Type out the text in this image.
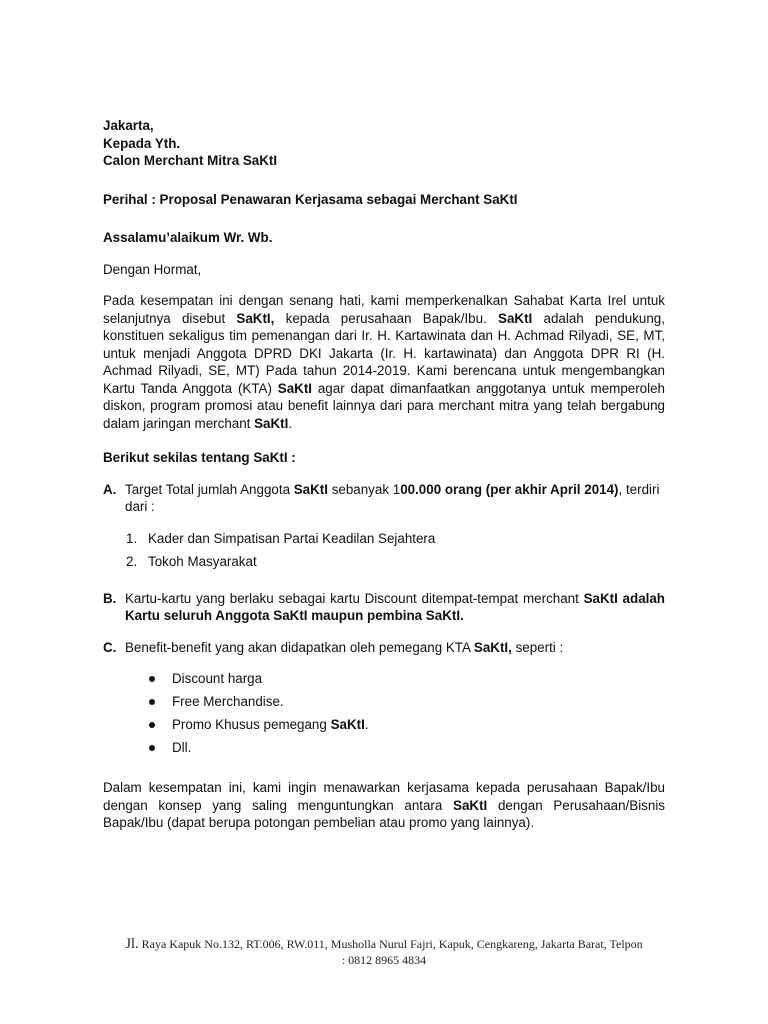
Jakarta,
Kepada Yth.
Calon Merchant Mitra SaKtI
Perihal : Proposal Penawaran Kerjasama sebagai Merchant SaKtI
Assalamu’alaikum Wr. Wb.
Dengan Hormat,

Pada kesempatan ini dengan senang hati, kami memperkenalkan Sahabat Karta Irel untuk selanjutnya disebut SaKtI, kepada perusahaan Bapak/Ibu. SaKtI adalah pendukung, konstituen sekaligus tim pemenangan dari Ir. H. Kartawinata dan H. Achmad Rilyadi, SE, MT, untuk menjadi Anggota DPRD DKI Jakarta (Ir. H. kartawinata) dan Anggota DPR RI (H. Achmad Rilyadi, SE, MT) Pada tahun 2014-2019. Kami berencana untuk mengembangkan Kartu Tanda Anggota (KTA) SaKtI agar dapat dimanfaatkan anggotanya untuk memperoleh diskon, program promosi atau benefit lainnya dari para merchant mitra yang telah bergabung dalam jaringan merchant SaKtI.

Berikut sekilas tentang SaKtI :
A. Target Total jumlah Anggota SaKtI sebanyak 100.000 orang (per akhir April 2014), terdiri dari :
1. Kader dan Simpatisan Partai Keadilan Sejahtera
2. Tokoh Masyarakat
B. Kartu-kartu yang berlaku sebagai kartu Discount ditempat-tempat merchant SaKtI adalah Kartu seluruh Anggota SaKtI maupun pembina SaKtI.
C. Benefit-benefit yang akan didapatkan oleh pemegang KTA SaKtI, seperti :
Discount harga
Free Merchandise.
Promo Khusus pemegang SaKtI.
Dll.

Dalam kesempatan ini, kami ingin menawarkan kerjasama kepada perusahaan Bapak/Ibu dengan konsep yang saling menguntungkan antara SaKtI dengan Perusahaan/Bisnis Bapak/Ibu (dapat berupa potongan pembelian atau promo yang lainnya).

Jl. Raya Kapuk No.132, RT.006, RW.011, Musholla Nurul Fajri, Kapuk, Cengkareng, Jakarta Barat, Telpon
: 0812 8965 4834
